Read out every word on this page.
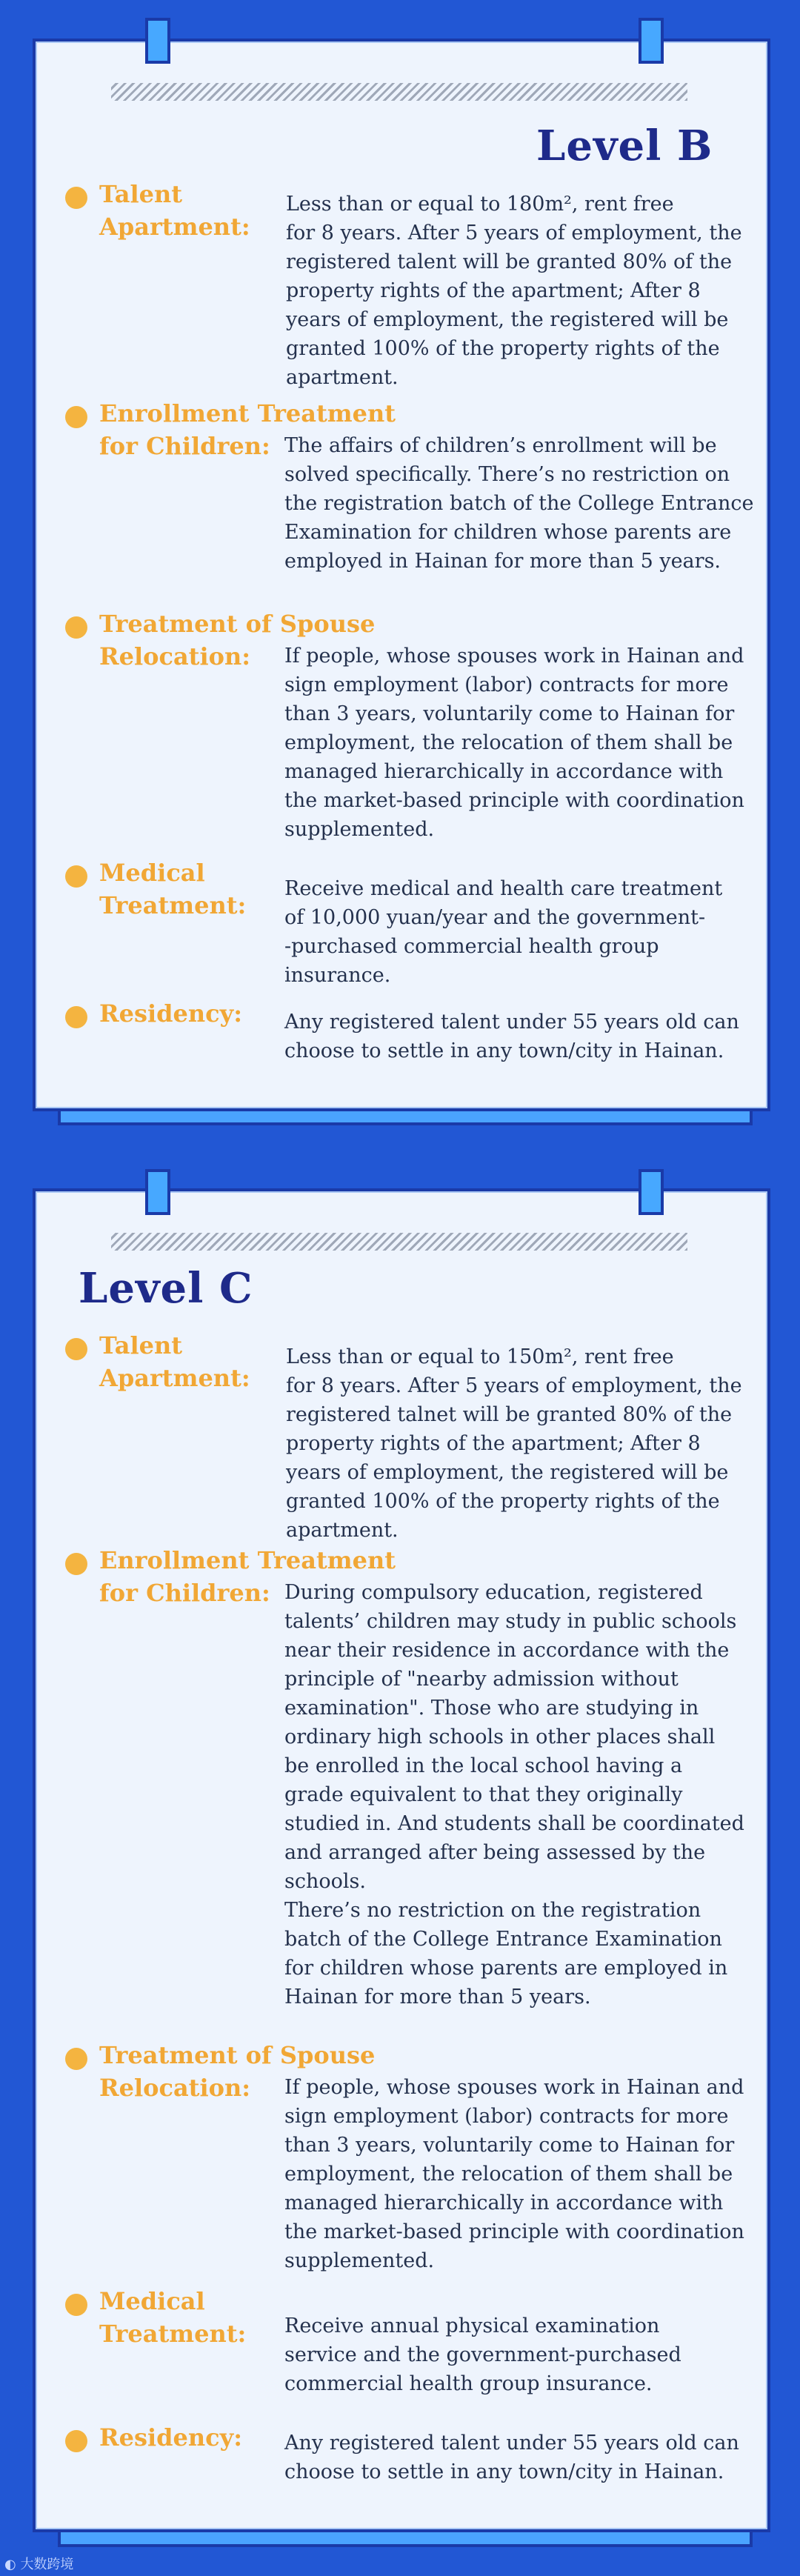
Level B
Talent
Apartment:
Less than or equal to 180m², rent free
for 8 years. After 5 years of employment, the
registered talent will be granted 80% of the
property rights of the apartment; After 8
years of employment, the registered will be
granted 100% of the property rights of the
apartment.
Enrollment Treatment
for Children: The affairs of children’s enrollment will be
solved specifically. There’s no restriction on
the registration batch of the College Entrance
Examination for children whose parents are
employed in Hainan for more than 5 years.
Treatment of Spouse
Relocation: If people, whose spouses work in Hainan and
sign employment (labor) contracts for more
than 3 years, voluntarily come to Hainan for
employment, the relocation of them shall be
managed hierarchically in accordance with
the market-based principle with coordination
supplemented.
Medical
Treatment:
Receive medical and health care treatment
of 10,000 yuan/year and the government-
-purchased commercial health group
insurance.
Residency: Any registered talent under 55 years old can
choose to settle in any town/city in Hainan.
Level C
Talent
Apartment:
Less than or equal to 150m², rent free
for 8 years. After 5 years of employment, the
registered talnet will be granted 80% of the
property rights of the apartment; After 8
years of employment, the registered will be
granted 100% of the property rights of the
apartment.
Enrollment Treatment
for Children: During compulsory education, registered
talents’ children may study in public schools
near their residence in accordance with the
principle of "nearby admission without
examination". Those who are studying in
ordinary high schools in other places shall
be enrolled in the local school having a
grade equivalent to that they originally
studied in. And students shall be coordinated
and arranged after being assessed by the
schools.
There’s no restriction on the registration
batch of the College Entrance Examination
for children whose parents are employed in
Hainan for more than 5 years.
Treatment of Spouse
Relocation: If people, whose spouses work in Hainan and
sign employment (labor) contracts for more
than 3 years, voluntarily come to Hainan for
employment, the relocation of them shall be
managed hierarchically in accordance with
the market-based principle with coordination
supplemented.
Medical
Treatment: Receive annual physical examination
service and the government-purchased
commercial health group insurance.
Residency: Any registered talent under 55 years old can
choose to settle in any town/city in Hainan.
◐ 大数跨境
